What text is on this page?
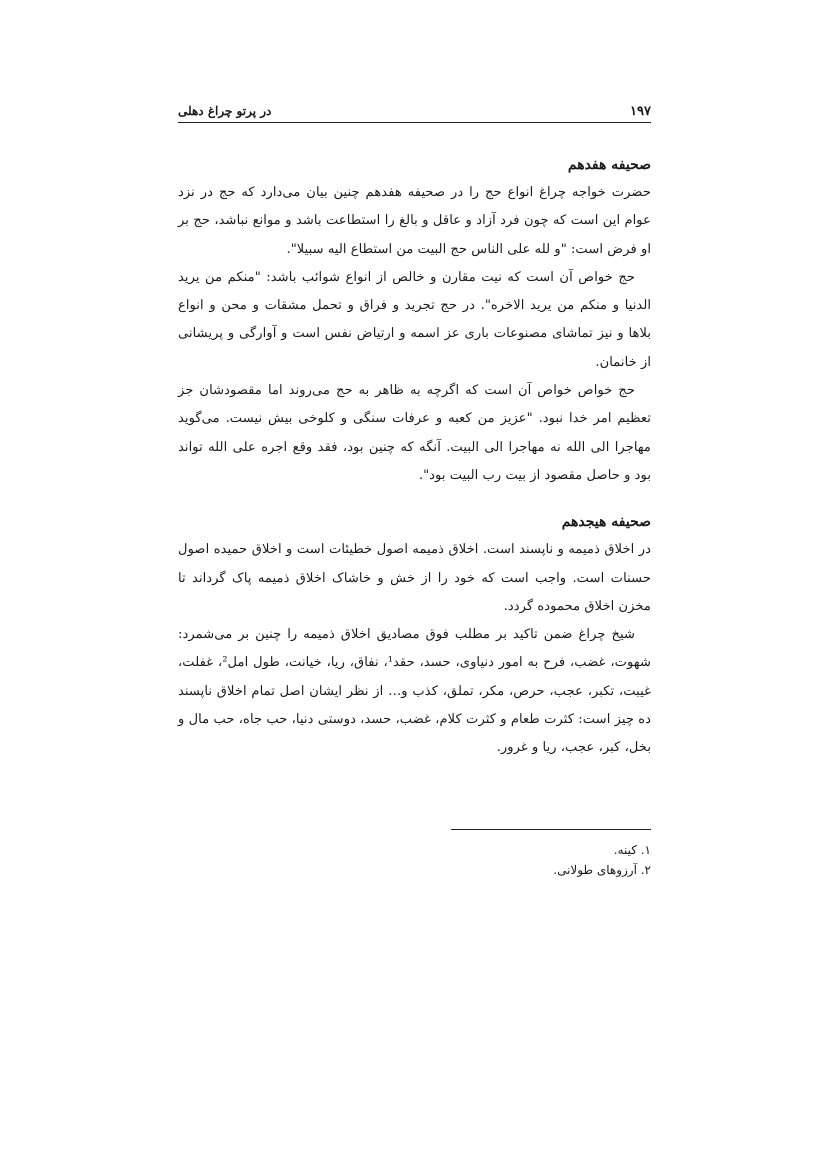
۱۹۷
در پرتو چراغ دهلی
صحیفه هفدهم

حضرت خواجه چراغ انواع حج را در صحیفه هفدهم چنین بیان می‌دارد که حج در نزد عوام این است که چون فرد آزاد و عاقل و بالغ را استطاعت باشد و موانع نباشد، حج بر او فرض است: "و لله علی الناس حج البیت من استطاع الیه سبیلا".

حج خواص آن است که نیت مقارن و خالص از انواع شوائب باشد: "منکم من یرید الدنیا و منکم من یرید الاخره". در حج تجرید و فراق و تحمل مشقات و محن و انواع بلاها و نیز تماشای مصنوعات باری عز اسمه و ارتیاض نفس است و آوارگی و پریشانی از خانمان.

حج خواص خواص آن است که اگرچه به ظاهر به حج می‌روند اما مقصودشان جز تعظیم امر خدا نبود. "عزیز من کعبه و عرفات سنگی و کلوخی بیش نیست. می‌گوید مهاجرا الی الله نه مهاجرا الی البیت. آنگه که چنین بود، فقد وقع اجره علی الله تواند بود و حاصل مقصود از بیت رب البیت بود".

صحیفه هیجدهم

در اخلاق ذمیمه و ناپسند است. اخلاق ذمیمه اصول خطیئات است و اخلاق حمیده اصول حسنات است. واجب است که خود را از خش و خاشاک اخلاق ذمیمه پاک گرداند تا مخزن اخلاق محموده گردد.

شیخ چراغ ضمن تاکید بر مطلب فوق مصادیق اخلاق ذمیمه را چنین بر می‌شمرد: شهوت، غضب، فرح به امور دنیاوی، حسد، حقد¹، نفاق، ریا، خیانت، طول امل²، غفلت، غیبت، تکبر، عجب، حرص، مکر، تملق، کذب و… از نظر ایشان اصل تمام اخلاق ناپسند ده چیز است: کثرت طعام و کثرت کلام، غضب، حسد، دوستی دنیا، حب جاه، حب مال و بخل، کبر، عجب، ریا و غرور.

۱. کینه.

۲. آرزوهای طولانی.
